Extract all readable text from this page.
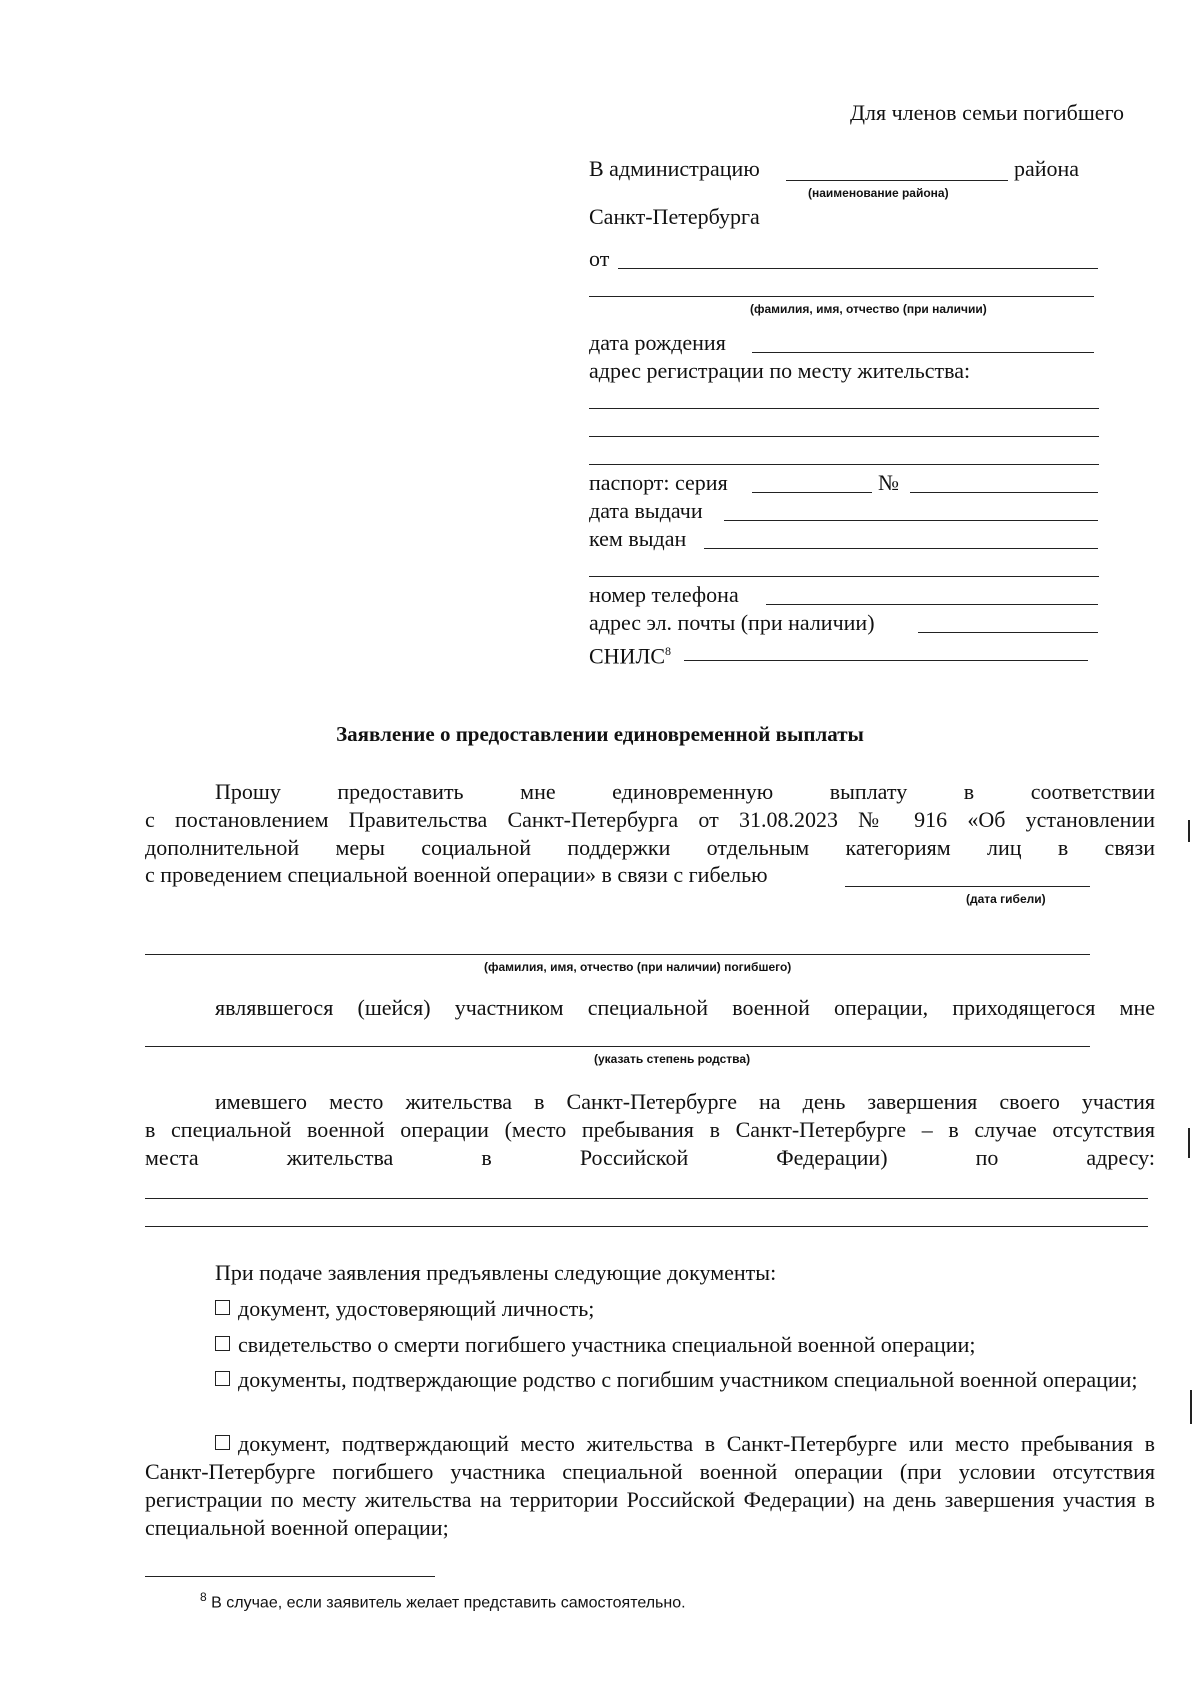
Для членов семьи погибшего
В администрацию	района
(наименование района)
Санкт-Петербурга
от
(фамилия, имя, отчество (при наличии)
дата рождения
адрес регистрации по месту жительства:
паспорт: серия	№
дата выдачи
кем выдан
номер телефона
адрес эл. почты (при наличии)
СНИЛС$^8$
Заявление о предоставлении единовременной выплаты
Прошу предоставить мне единовременную выплату в соответствии
с постановлением Правительства Санкт-Петербурга от 31.08.2023 № 916 «Об установлении
дополнительной меры социальной поддержки отдельным категориям лиц в связи
с проведением специальной военной операции» в связи с гибелью
(дата гибели)
(фамилия, имя, отчество (при наличии) погибшего)
являвшегося (шейся) участником специальной военной операции, приходящегося мне
(указать степень родства)
имевшего место жительства в Санкт-Петербурге на день завершения своего участия
в специальной военной операции (место пребывания в Санкт-Петербурге – в случае отсутствия
места жительства в Российской Федерации) по адресу:
При подаче заявления предъявлены следующие документы:
документ, удостоверяющий личность;
свидетельство о смерти погибшего участника специальной военной операции;
документы, подтверждающие родство с погибшим участником специальной военной операции;
документ, подтверждающий место жительства в Санкт-Петербурге или место пребывания в Санкт-Петербурге погибшего участника специальной военной операции (при условии отсутствия регистрации по месту жительства на территории Российской Федерации) на день завершения участия в специальной военной операции;
$^8$ В случае, если заявитель желает представить самостоятельно.
